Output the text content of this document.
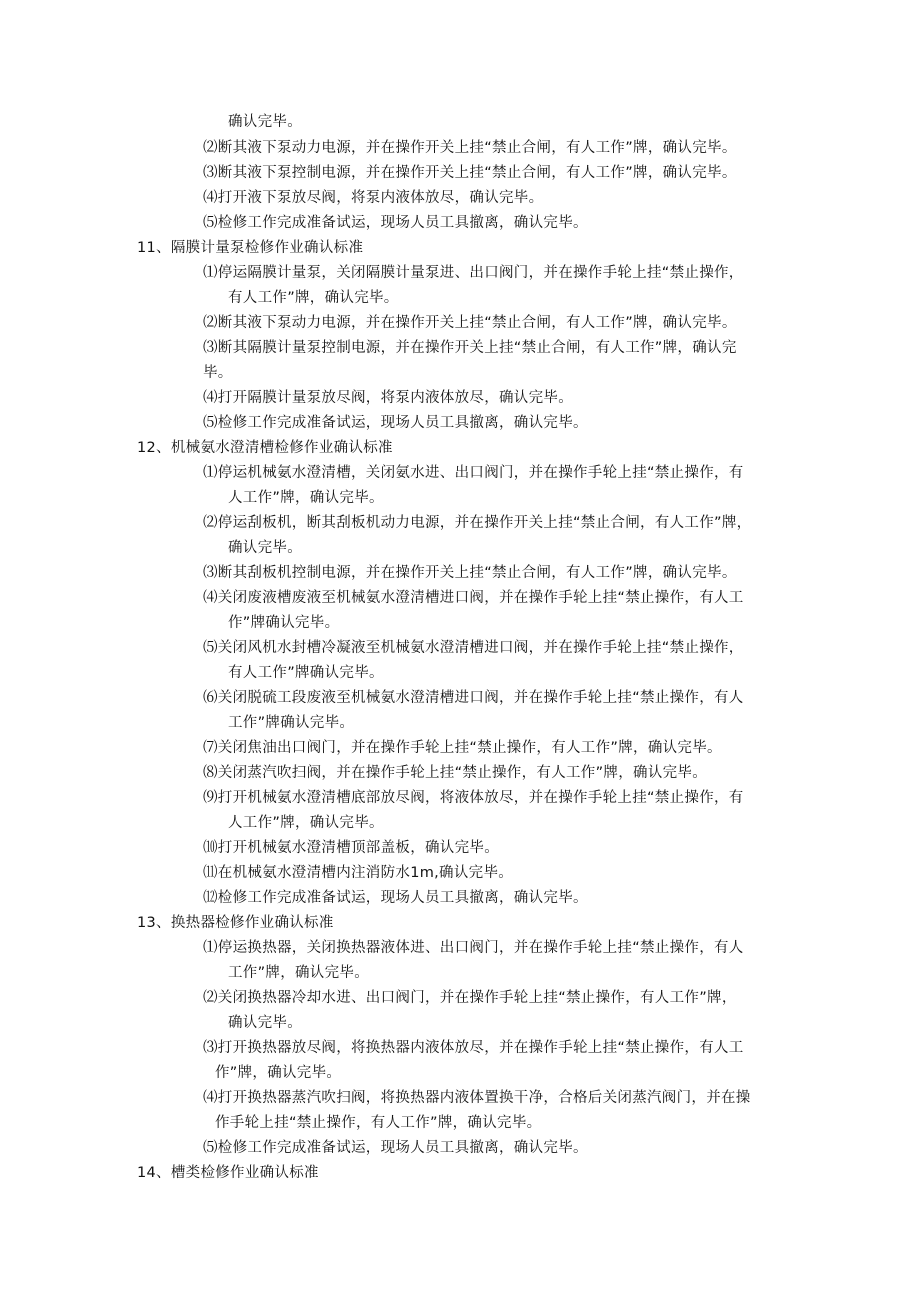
确认完毕。
⑵断其液下泵动力电源，并在操作开关上挂“禁止合闸，有人工作”牌，确认完毕。
⑶断其液下泵控制电源，并在操作开关上挂“禁止合闸，有人工作”牌，确认完毕。
⑷打开液下泵放尽阀，将泵内液体放尽，确认完毕。
⑸检修工作完成准备试运，现场人员工具撤离，确认完毕。
11、隔膜计量泵检修作业确认标准
⑴停运隔膜计量泵，关闭隔膜计量泵进、出口阀门，并在操作手轮上挂“禁止操作，
有人工作”牌，确认完毕。
⑵断其液下泵动力电源，并在操作开关上挂“禁止合闸，有人工作”牌，确认完毕。
⑶断其隔膜计量泵控制电源，并在操作开关上挂“禁止合闸，有人工作”牌，确认完
毕。
⑷打开隔膜计量泵放尽阀，将泵内液体放尽，确认完毕。
⑸检修工作完成准备试运，现场人员工具撤离，确认完毕。
12、机械氨水澄清槽检修作业确认标准
⑴停运机械氨水澄清槽，关闭氨水进、出口阀门，并在操作手轮上挂“禁止操作，有
人工作”牌，确认完毕。
⑵停运刮板机，断其刮板机动力电源，并在操作开关上挂“禁止合闸，有人工作”牌，
确认完毕。
⑶断其刮板机控制电源，并在操作开关上挂“禁止合闸，有人工作”牌，确认完毕。
⑷关闭废液槽废液至机械氨水澄清槽进口阀，并在操作手轮上挂“禁止操作，有人工
作”牌确认完毕。
⑸关闭风机水封槽冷凝液至机械氨水澄清槽进口阀，并在操作手轮上挂“禁止操作，
有人工作”牌确认完毕。
⑹关闭脱硫工段废液至机械氨水澄清槽进口阀，并在操作手轮上挂“禁止操作，有人
工作”牌确认完毕。
⑺关闭焦油出口阀门，并在操作手轮上挂“禁止操作，有人工作”牌，确认完毕。
⑻关闭蒸汽吹扫阀，并在操作手轮上挂“禁止操作，有人工作”牌，确认完毕。
⑼打开机械氨水澄清槽底部放尽阀，将液体放尽，并在操作手轮上挂“禁止操作，有
人工作”牌，确认完毕。
⑽打开机械氨水澄清槽顶部盖板，确认完毕。
⑾在机械氨水澄清槽内注消防水1m,确认完毕。
⑿检修工作完成准备试运，现场人员工具撤离，确认完毕。
13、换热器检修作业确认标准
⑴停运换热器，关闭换热器液体进、出口阀门，并在操作手轮上挂“禁止操作，有人
工作”牌，确认完毕。
⑵关闭换热器冷却水进、出口阀门，并在操作手轮上挂“禁止操作，有人工作”牌，
确认完毕。
⑶打开换热器放尽阀，将换热器内液体放尽，并在操作手轮上挂“禁止操作，有人工
作”牌，确认完毕。
⑷打开换热器蒸汽吹扫阀，将换热器内液体置换干净，合格后关闭蒸汽阀门，并在操
作手轮上挂“禁止操作，有人工作”牌，确认完毕。
⑸检修工作完成准备试运，现场人员工具撤离，确认完毕。
14、槽类检修作业确认标准
